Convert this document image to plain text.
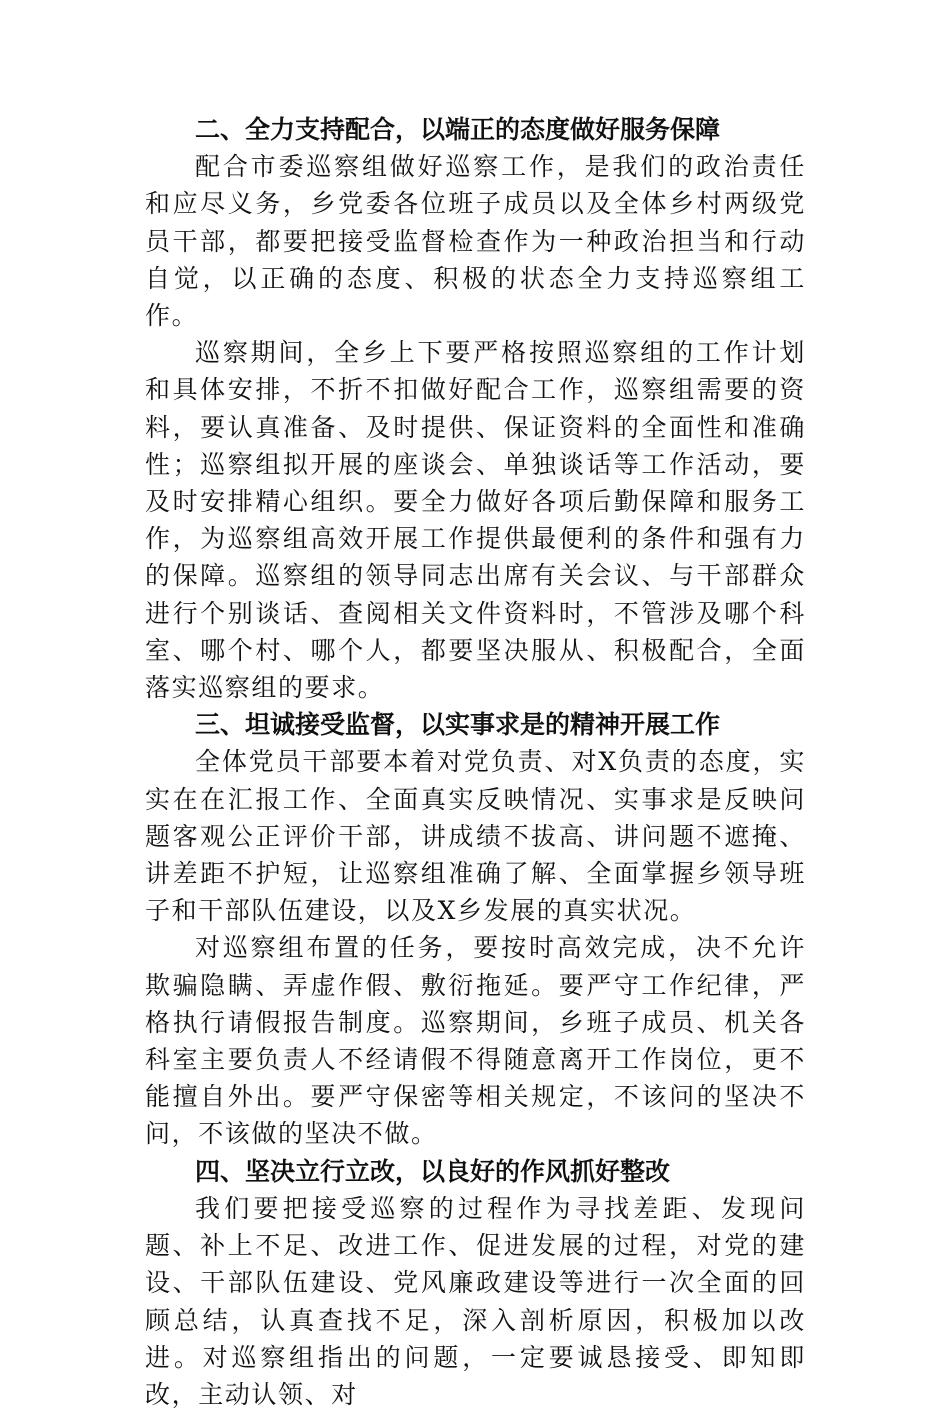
二、全力支持配合，以端正的态度做好服务保障

配合市委巡察组做好巡察工作，是我们的政治责任和应尽义务，乡党委各位班子成员以及全体乡村两级党员干部，都要把接受监督检查作为一种政治担当和行动自觉，以正确的态度、积极的状态全力支持巡察组工作。

巡察期间，全乡上下要严格按照巡察组的工作计划和具体安排，不折不扣做好配合工作，巡察组需要的资料，要认真准备、及时提供、保证资料的全面性和准确性；巡察组拟开展的座谈会、单独谈话等工作活动，要及时安排精心组织。要全力做好各项后勤保障和服务工作，为巡察组高效开展工作提供最便利的条件和强有力的保障。巡察组的领导同志出席有关会议、与干部群众进行个别谈话、查阅相关文件资料时，不管涉及哪个科室、哪个村、哪个人，都要坚决服从、积极配合，全面落实巡察组的要求。

三、坦诚接受监督，以实事求是的精神开展工作

全体党员干部要本着对党负责、对X负责的态度，实实在在汇报工作、全面真实反映情况、实事求是反映问题客观公正评价干部，讲成绩不拔高、讲问题不遮掩、讲差距不护短，让巡察组准确了解、全面掌握乡领导班子和干部队伍建设，以及X乡发展的真实状况。

对巡察组布置的任务，要按时高效完成，决不允许欺骗隐瞒、弄虚作假、敷衍拖延。要严守工作纪律，严格执行请假报告制度。巡察期间，乡班子成员、机关各科室主要负责人不经请假不得随意离开工作岗位，更不能擅自外出。要严守保密等相关规定，不该问的坚决不问，不该做的坚决不做。

四、坚决立行立改，以良好的作风抓好整改

我们要把接受巡察的过程作为寻找差距、发现问题、补上不足、改进工作、促进发展的过程，对党的建设、干部队伍建设、党风廉政建设等进行一次全面的回顾总结，认真查找不足，深入剖析原因，积极加以改进。对巡察组指出的问题，一定要诚恳接受、即知即改，主动认领、对
